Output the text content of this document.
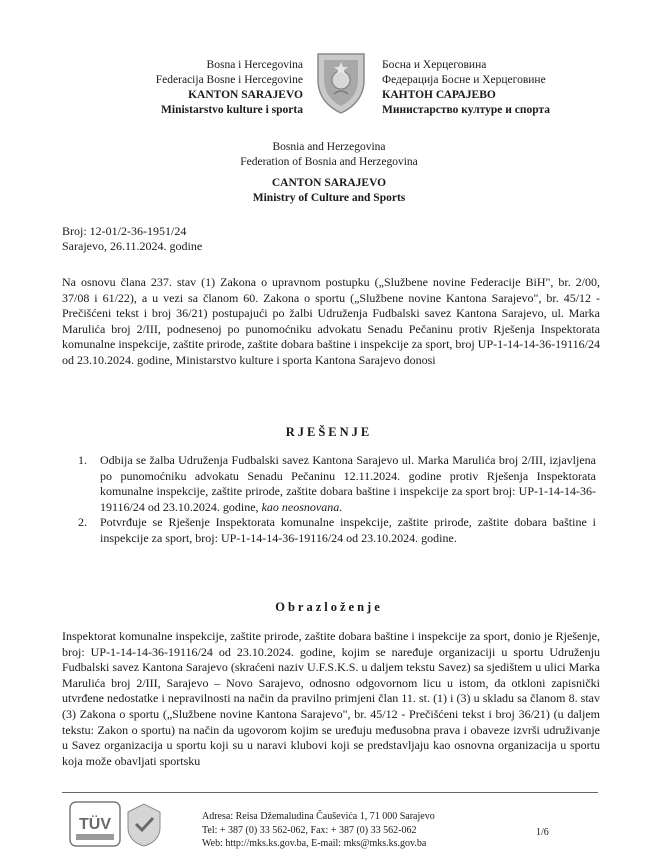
Bosna i Hercegovina
Federacija Bosne i Hercegovine
KANTON SARAJEVO
Ministarstvo kulture i sporta
Босна и Херцеговина
Федерација Босне и Херцеговине
КАНТОН САРАЈЕВО
Министарство културе и спорта
Bosnia and Herzegovina
Federation of Bosnia and Herzegovina
CANTON SARAJEVO
Ministry of Culture and Sports
Broj: 12-01/2-36-1951/24
Sarajevo, 26.11.2024. godine
Na osnovu člana 237. stav (1) Zakona o upravnom postupku („Službene novine Federacije BiH", br. 2/00, 37/08 i 61/22), a u vezi sa članom 60. Zakona o sportu („Službene novine Kantona Sarajevo", br. 45/12 - Prečišćeni tekst i broj 36/21) postupajući po žalbi Udruženja Fudbalski savez Kantona Sarajevo, ul. Marka Marulića broj 2/III, podnesenoj po punomoćniku advokatu Senadu Pečaninu protiv Rješenja Inspektorata komunalne inspekcije, zaštite prirode, zaštite dobara baštine i inspekcije za sport, broj UP-1-14-14-36-19116/24 od 23.10.2024. godine, Ministarstvo kulture i sporta Kantona Sarajevo donosi
RJEŠENJE
1. Odbija se žalba Udruženja Fudbalski savez Kantona Sarajevo ul. Marka Marulića broj 2/III, izjavljena po punomoćniku advokatu Senadu Pečaninu 12.11.2024. godine protiv Rješenja Inspektorata komunalne inspekcije, zaštite prirode, zaštite dobara baštine i inspekcije za sport broj: UP-1-14-14-36-19116/24 od 23.10.2024. godine, kao neosnovana.
2. Potvrđuje se Rješenje Inspektorata komunalne inspekcije, zaštite prirode, zaštite dobara baštine i inspekcije za sport, broj: UP-1-14-14-36-19116/24 od 23.10.2024. godine.
Obrazloženje
Inspektorat komunalne inspekcije, zaštite prirode, zaštite dobara baštine i inspekcije za sport, donio je Rješenje, broj: UP-1-14-14-36-19116/24 od 23.10.2024. godine, kojim se naređuje organizaciji u sportu Udruženju Fudbalski savez Kantona Sarajevo (skraćeni naziv U.F.S.K.S. u daljem tekstu Savez) sa sjedištem u ulici Marka Marulića broj 2/III, Sarajevo – Novo Sarajevo, odnosno odgovornom licu u istom, da otkloni zapisnički utvrđene nedostatke i nepravilnosti na način da pravilno primjeni član 11. st. (1) i (3) u skladu sa članom 8. stav (3) Zakona o sportu („Službene novine Kantona Sarajevo", br. 45/12 - Prečišćeni tekst i broj 36/21) (u daljem tekstu: Zakon o sportu) na način da ugovorom kojim se uređuju međusobna prava i obaveze izvrši udruživanje u Savez organizacija u sportu koji su u naravi klubovi koji se predstavljaju kao osnovna organizacija u sportu koja može obavljati sportsku
TÜV	Adresa: Reisa Džemaludina Čauševića 1, 71 000 Sarajevo
Tel: + 387 (0) 33 562-062, Fax: + 387 (0) 33 562-062
Web: http://mks.ks.gov.ba, E-mail: mks@mks.ks.gov.ba
1/6
